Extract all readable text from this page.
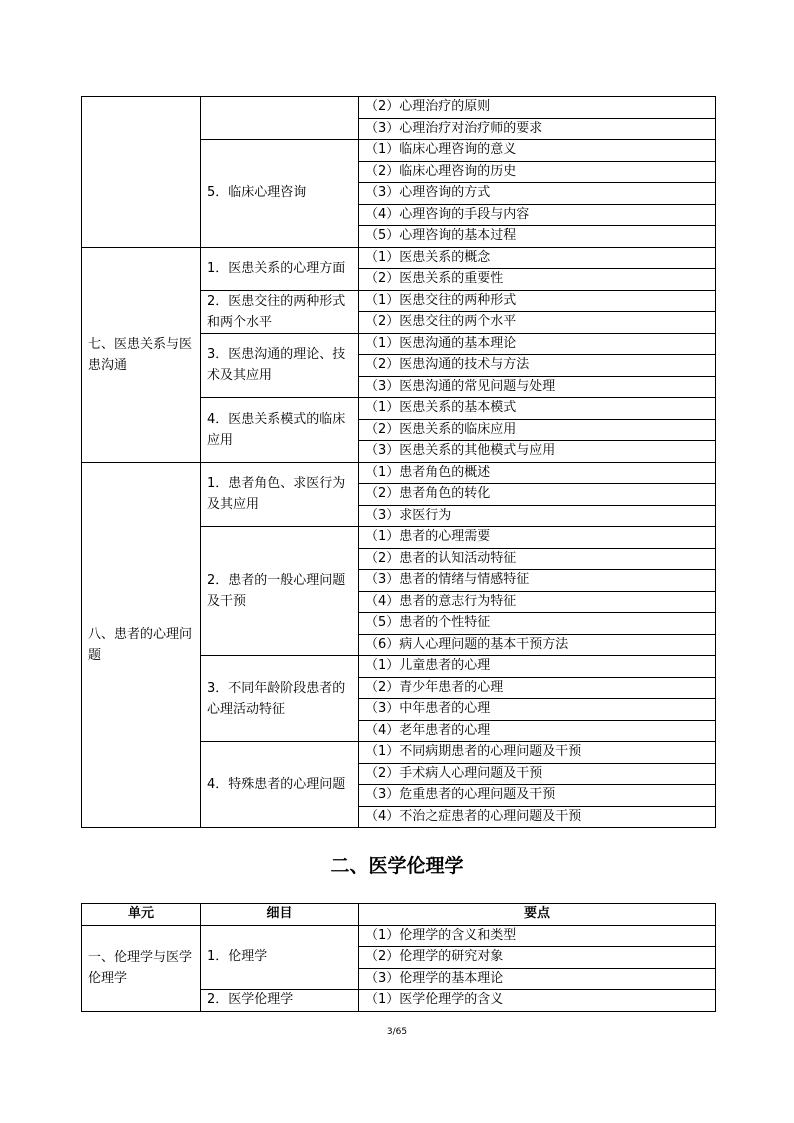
		（2）心理治疗的原则
		（3）心理治疗对治疗师的要求
	5．临床心理咨询	（1）临床心理咨询的意义
		（2）临床心理咨询的历史
		（3）心理咨询的方式
		（4）心理咨询的手段与内容
		（5）心理咨询的基本过程
七、医患关系与医患沟通	1．医患关系的心理方面	（1）医患关系的概念
		（2）医患关系的重要性
	2．医患交往的两种形式和两个水平	（1）医患交往的两种形式
		（2）医患交往的两个水平
	3．医患沟通的理论、技术及其应用	（1）医患沟通的基本理论
		（2）医患沟通的技术与方法
		（3）医患沟通的常见问题与处理
	4．医患关系模式的临床应用	（1）医患关系的基本模式
		（2）医患关系的临床应用
		（3）医患关系的其他模式与应用
八、患者的心理问题	1．患者角色、求医行为及其应用	（1）患者角色的概述
		（2）患者角色的转化
		（3）求医行为
	2．患者的一般心理问题及干预	（1）患者的心理需要
		（2）患者的认知活动特征
		（3）患者的情绪与情感特征
		（4）患者的意志行为特征
		（5）患者的个性特征
		（6）病人心理问题的基本干预方法
	3．不同年龄阶段患者的心理活动特征	（1）儿童患者的心理
		（2）青少年患者的心理
		（3）中年患者的心理
		（4）老年患者的心理
	4．特殊患者的心理问题	（1）不同病期患者的心理问题及干预
		（2）手术病人心理问题及干预
		（3）危重患者的心理问题及干预
		（4）不治之症患者的心理问题及干预
二、医学伦理学
单元	细目	要点
一、伦理学与医学伦理学	1．伦理学	（1）伦理学的含义和类型
		（2）伦理学的研究对象
		（3）伦理学的基本理论
	2．医学伦理学	（1）医学伦理学的含义
3/65
